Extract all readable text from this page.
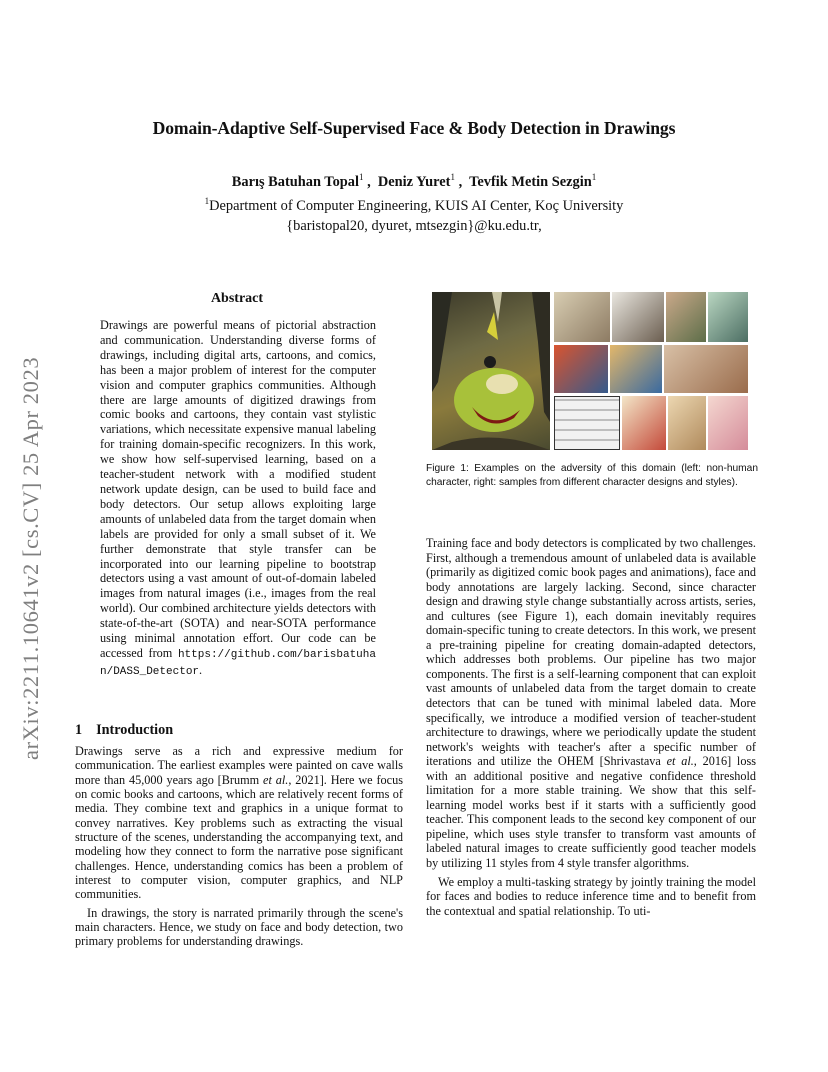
arXiv:2211.10641v2 [cs.CV] 25 Apr 2023
Domain-Adaptive Self-Supervised Face & Body Detection in Drawings
Barış Batuhan Topal$^1$ ,  Deniz Yuret$^1$ ,  Tevfik Metin Sezgin$^1$
$^1$Department of Computer Engineering, KUIS AI Center, Koç University
{baristopal20, dyuret, mtsezgin}@ku.edu.tr,
Abstract
Drawings are powerful means of pictorial abstraction and communication. Understanding diverse forms of drawings, including digital arts, cartoons, and comics, has been a major problem of interest for the computer vision and computer graphics communities. Although there are large amounts of digitized drawings from comic books and cartoons, they contain vast stylistic variations, which necessitate expensive manual labeling for training domain-specific recognizers. In this work, we show how self-supervised learning, based on a teacher-student network with a modified student network update design, can be used to build face and body detectors. Our setup allows exploiting large amounts of unlabeled data from the target domain when labels are provided for only a small subset of it. We further demonstrate that style transfer can be incorporated into our learning pipeline to bootstrap detectors using a vast amount of out-of-domain labeled images from natural images (i.e., images from the real world). Our combined architecture yields detectors with state-of-the-art (SOTA) and near-SOTA performance using minimal annotation effort. Our code can be accessed from https://github.com/barisbatuhan/DASS_Detector.
1 Introduction

Drawings serve as a rich and expressive medium for communication. The earliest examples were painted on cave walls more than 45,000 years ago [Brumm et al., 2021]. Here we focus on comic books and cartoons, which are relatively recent forms of media. They combine text and graphics in a unique format to convey narratives. Key problems such as extracting the visual structure of the scenes, understanding the accompanying text, and modeling how they connect to form the narrative pose significant challenges. Hence, understanding comics has been a problem of interest to computer vision, computer graphics, and NLP communities.

In drawings, the story is narrated primarily through the scene's main characters. Hence, we study on face and body detection, two primary problems for understanding drawings.

Figure 1: Examples on the adversity of this domain (left: non-human character, right: samples from different character designs and styles).

Training face and body detectors is complicated by two challenges. First, although a tremendous amount of unlabeled data is available (primarily as digitized comic book pages and animations), face and body annotations are largely lacking. Second, since character design and drawing style change substantially across artists, series, and cultures (see Figure 1), each domain inevitably requires domain-specific tuning to create detectors. In this work, we present a pre-training pipeline for creating domain-adapted detectors, which addresses both problems. Our pipeline has two major components. The first is a self-learning component that can exploit vast amounts of unlabeled data from the target domain to create detectors that can be tuned with minimal labeled data. More specifically, we introduce a modified version of teacher-student architecture to drawings, where we periodically update the student network's weights with teacher's after a specific number of iterations and utilize the OHEM [Shrivastava et al., 2016] loss with an additional positive and negative confidence threshold limitation for a more stable training. We show that this self-learning model works best if it starts with a sufficiently good teacher. This component leads to the second key component of our pipeline, which uses style transfer to transform vast amounts of labeled natural images to create sufficiently good teacher models by utilizing 11 styles from 4 style transfer algorithms.

We employ a multi-tasking strategy by jointly training the model for faces and bodies to reduce inference time and to benefit from the contextual and spatial relationship. To uti-
